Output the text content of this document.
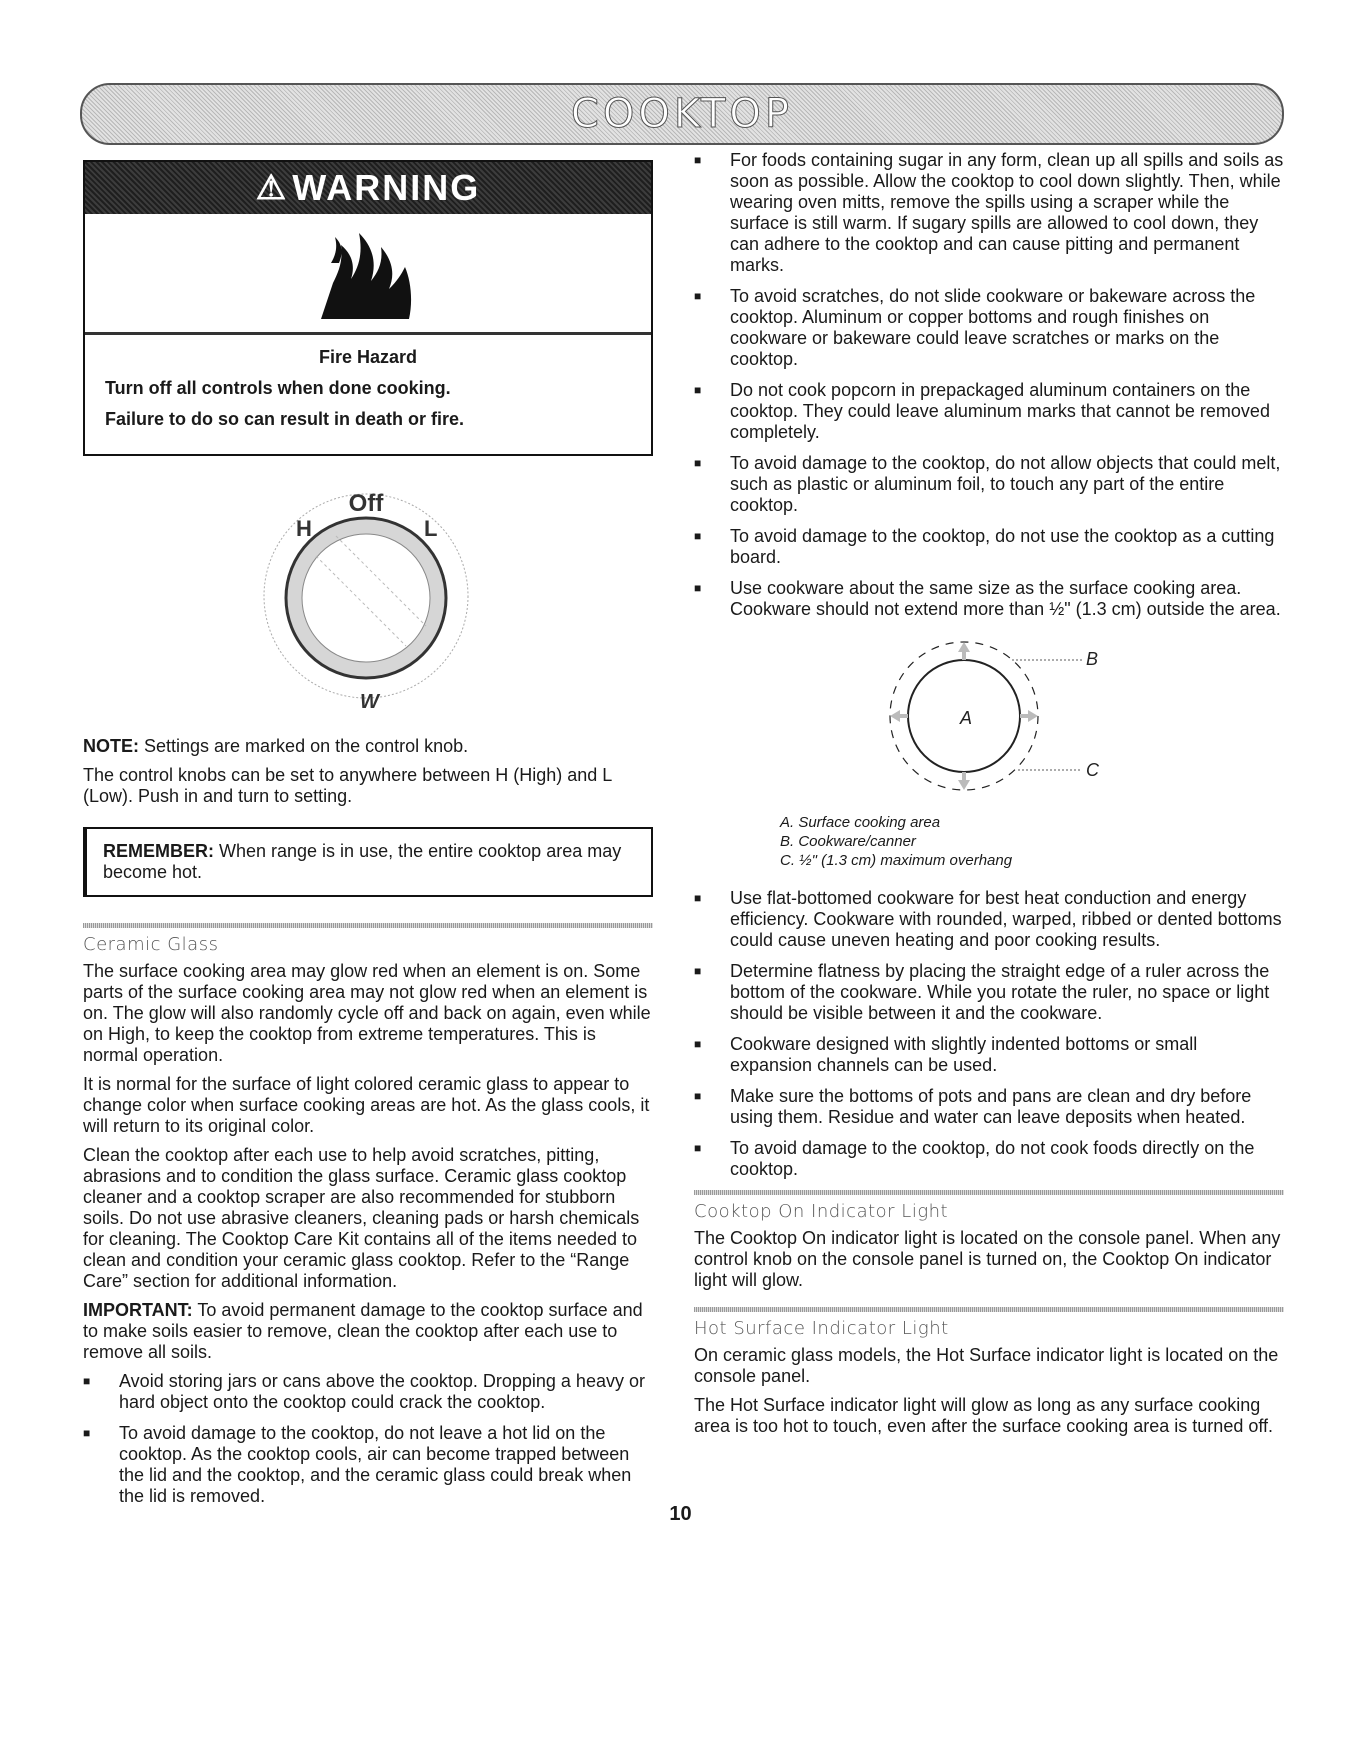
COOKTOP
⚠ WARNING
Fire Hazard
Turn off all controls when done cooking.
Failure to do so can result in death or fire.
Off
H	L
W

NOTE: Settings are marked on the control knob.

The control knobs can be set to anywhere between H (High) and L (Low). Push in and turn to setting.

REMEMBER: When range is in use, the entire cooktop area may become hot.
Ceramic Glass

The surface cooking area may glow red when an element is on. Some parts of the surface cooking area may not glow red when an element is on. The glow will also randomly cycle off and back on again, even while on High, to keep the cooktop from extreme temperatures. This is normal operation.

It is normal for the surface of light colored ceramic glass to appear to change color when surface cooking areas are hot. As the glass cools, it will return to its original color.

Clean the cooktop after each use to help avoid scratches, pitting, abrasions and to condition the glass surface. Ceramic glass cooktop cleaner and a cooktop scraper are also recommended for stubborn soils. Do not use abrasive cleaners, cleaning pads or harsh chemicals for cleaning. The Cooktop Care Kit contains all of the items needed to clean and condition your ceramic glass cooktop. Refer to the “Range Care” section for additional information.

IMPORTANT: To avoid permanent damage to the cooktop surface and to make soils easier to remove, clean the cooktop after each use to remove all soils.

■ Avoid storing jars or cans above the cooktop. Dropping a heavy or hard object onto the cooktop could crack the cooktop.
■ To avoid damage to the cooktop, do not leave a hot lid on the cooktop. As the cooktop cools, air can become trapped between the lid and the cooktop, and the ceramic glass could break when the lid is removed.
■ For foods containing sugar in any form, clean up all spills and soils as soon as possible. Allow the cooktop to cool down slightly. Then, while wearing oven mitts, remove the spills using a scraper while the surface is still warm. If sugary spills are allowed to cool down, they can adhere to the cooktop and can cause pitting and permanent marks.
■ To avoid scratches, do not slide cookware or bakeware across the cooktop. Aluminum or copper bottoms and rough finishes on cookware or bakeware could leave scratches or marks on the cooktop.
■ Do not cook popcorn in prepackaged aluminum containers on the cooktop. They could leave aluminum marks that cannot be removed completely.
■ To avoid damage to the cooktop, do not allow objects that could melt, such as plastic or aluminum foil, to touch any part of the entire cooktop.
■ To avoid damage to the cooktop, do not use the cooktop as a cutting board.
■ Use cookware about the same size as the surface cooking area. Cookware should not extend more than ½" (1.3 cm) outside the area.
A
B
C
A. Surface cooking area
B. Cookware/canner
C. ½" (1.3 cm) maximum overhang
■ Use flat-bottomed cookware for best heat conduction and energy efficiency. Cookware with rounded, warped, ribbed or dented bottoms could cause uneven heating and poor cooking results.
■ Determine flatness by placing the straight edge of a ruler across the bottom of the cookware. While you rotate the ruler, no space or light should be visible between it and the cookware.
■ Cookware designed with slightly indented bottoms or small expansion channels can be used.
■ Make sure the bottoms of pots and pans are clean and dry before using them. Residue and water can leave deposits when heated.
■ To avoid damage to the cooktop, do not cook foods directly on the cooktop.
Cooktop On Indicator Light

The Cooktop On indicator light is located on the console panel. When any control knob on the console panel is turned on, the Cooktop On indicator light will glow.

Hot Surface Indicator Light

On ceramic glass models, the Hot Surface indicator light is located on the console panel.

The Hot Surface indicator light will glow as long as any surface cooking area is too hot to touch, even after the surface cooking area is turned off.

10
